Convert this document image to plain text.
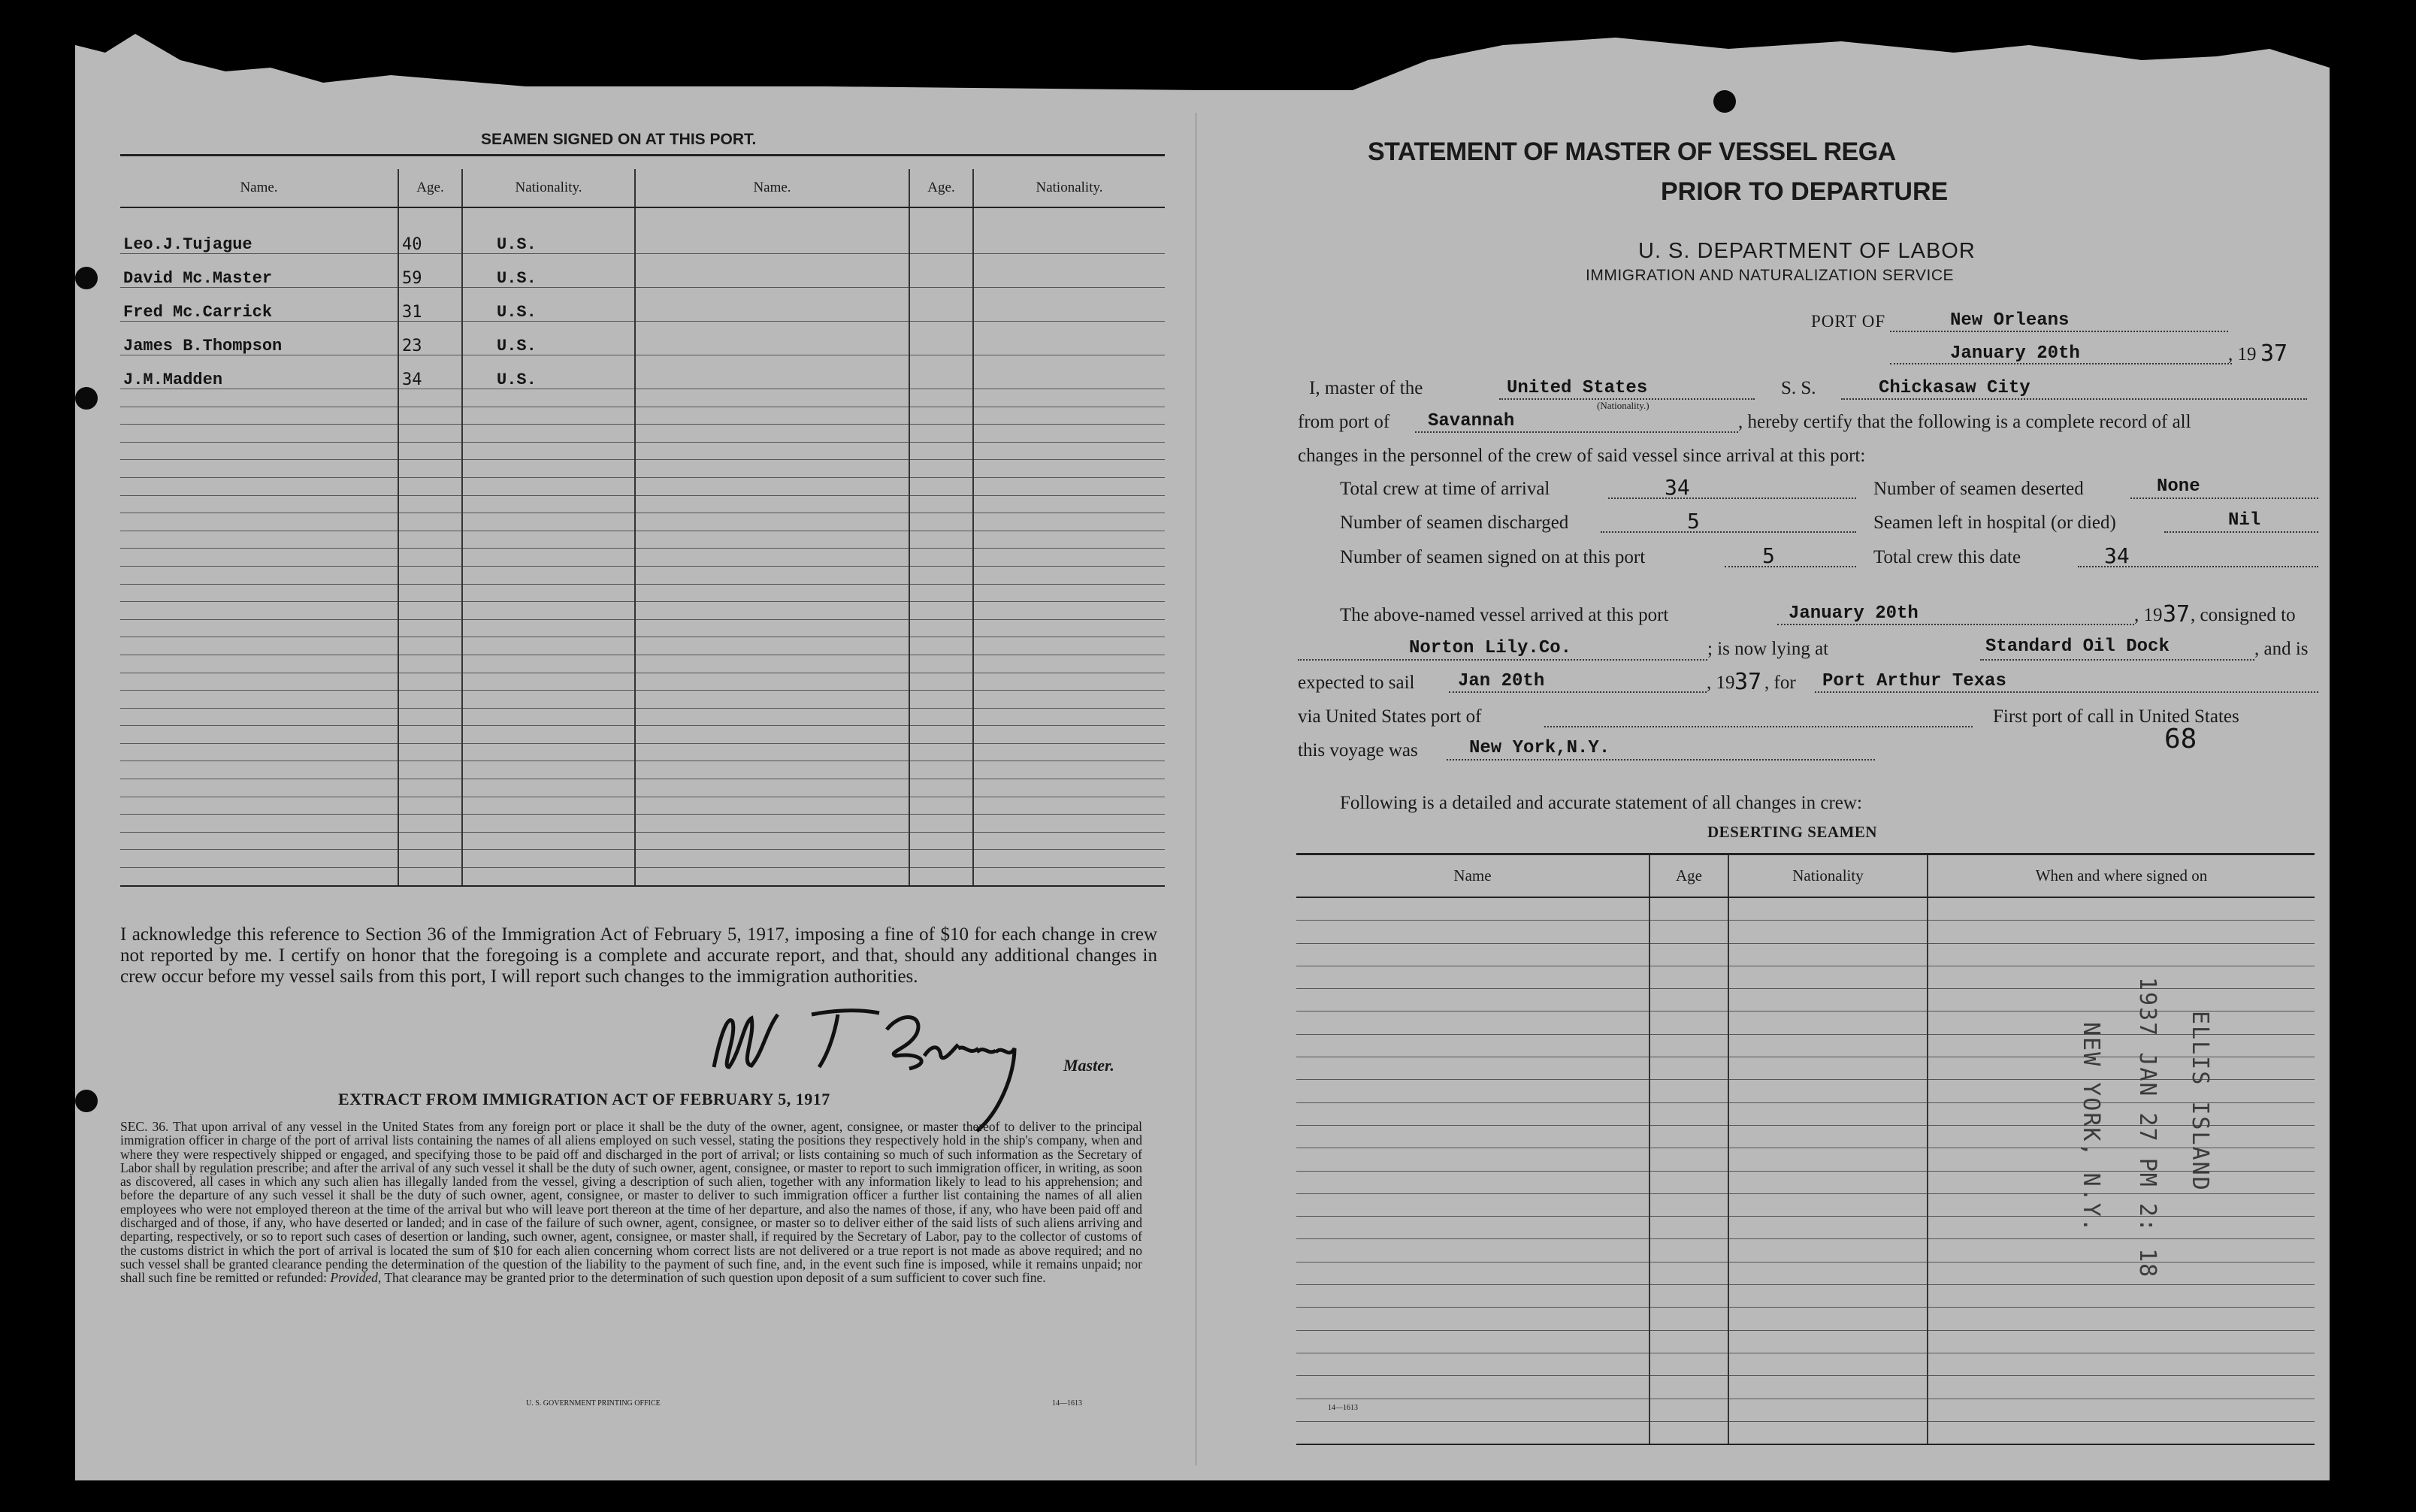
SEAMEN SIGNED ON AT THIS PORT.
Name.	Age.	Nationality.	Name.	Age.	Nationality.
Leo.J.Tujague	40	U.S.			
David Mc.Master	59	U.S.			
Fred Mc.Carrick	31	U.S.			
James B.Thompson	23	U.S.			
J.M.Madden	34	U.S.			

I acknowledge this reference to Section 36 of the Immigration Act of February 5, 1917, imposing a fine of $10 for each change in crew not reported by me. I certify on honor that the foregoing is a complete and accurate report, and that, should any additional changes in crew occur before my vessel sails from this port, I will report such changes to the immigration authorities.
Master.
EXTRACT FROM IMMIGRATION ACT OF FEBRUARY 5, 1917
SEC. 36. That upon arrival of any vessel in the United States from any foreign port or place it shall be the duty of the owner, agent, consignee, or master thereof to deliver to the principal immigration officer in charge of the port of arrival lists containing the names of all aliens employed on such vessel, stating the positions they respectively hold in the ship's company, when and where they were respectively shipped or engaged, and specifying those to be paid off and discharged in the port of arrival; or lists containing so much of such information as the Secretary of Labor shall by regulation prescribe; and after the arrival of any such vessel it shall be the duty of such owner, agent, consignee, or master to report to such immigration officer, in writing, as soon as discovered, all cases in which any such alien has illegally landed from the vessel, giving a description of such alien, together with any information likely to lead to his apprehension; and before the departure of any such vessel it shall be the duty of such owner, agent, consignee, or master to deliver to such immigration officer a further list containing the names of all alien employees who were not employed thereon at the time of the arrival but who will leave port thereon at the time of her departure, and also the names of those, if any, who have been paid off and discharged and of those, if any, who have deserted or landed; and in case of the failure of such owner, agent, consignee, or master so to deliver either of the said lists of such aliens arriving and departing, respectively, or so to report such cases of desertion or landing, such owner, agent, consignee, or master shall, if required by the Secretary of Labor, pay to the collector of customs of the customs district in which the port of arrival is located the sum of $10 for each alien concerning whom correct lists are not delivered or a true report is not made as above required; and no such vessel shall be granted clearance pending the determination of the question of the liability to the payment of such fine, and, in the event such fine is imposed, while it remains unpaid; nor shall such fine be remitted or refunded: Provided, That clearance may be granted prior to the determination of such question upon deposit of a sum sufficient to cover such fine.
U. S. GOVERNMENT PRINTING OFFICE	14—1613
STATEMENT OF MASTER OF VESSEL REGA
PRIOR TO DEPARTURE
U. S. DEPARTMENT OF LABOR
IMMIGRATION AND NATURALIZATION SERVICE
PORT OF	New Orleans
January 20th	, 19 37
I, master of the	United States
(Nationality.)
S. S.	Chickasaw City
from port of Savannah	, hereby certify that the following is a complete record of all
changes in the personnel of the crew of said vessel since arrival at this port:
Total crew at time of arrival	34
Number of seamen discharged	5
Number of seamen signed on at this port	5
Number of seamen deserted	None
Seamen left in hospital (or died)	Nil
Total crew this date	34
The above-named vessel arrived at this port	January 20th	, 19 37 , consigned to
Norton Lily.Co.	; is now lying at	Standard Oil Dock	, and is
expected to sail Jan 20th	, 19 37 , for Port Arthur Texas
via United States port of	First port of call in United States
this voyage was	New York,N.Y.	68
Following is a detailed and accurate statement of all changes in crew:
DESERTING SEAMEN
Name	Age	Nationality	When and where signed on

ELLIS ISLAND
1937 JAN 27 PM 2: 18
NEW YORK, N.Y.
14—1613
